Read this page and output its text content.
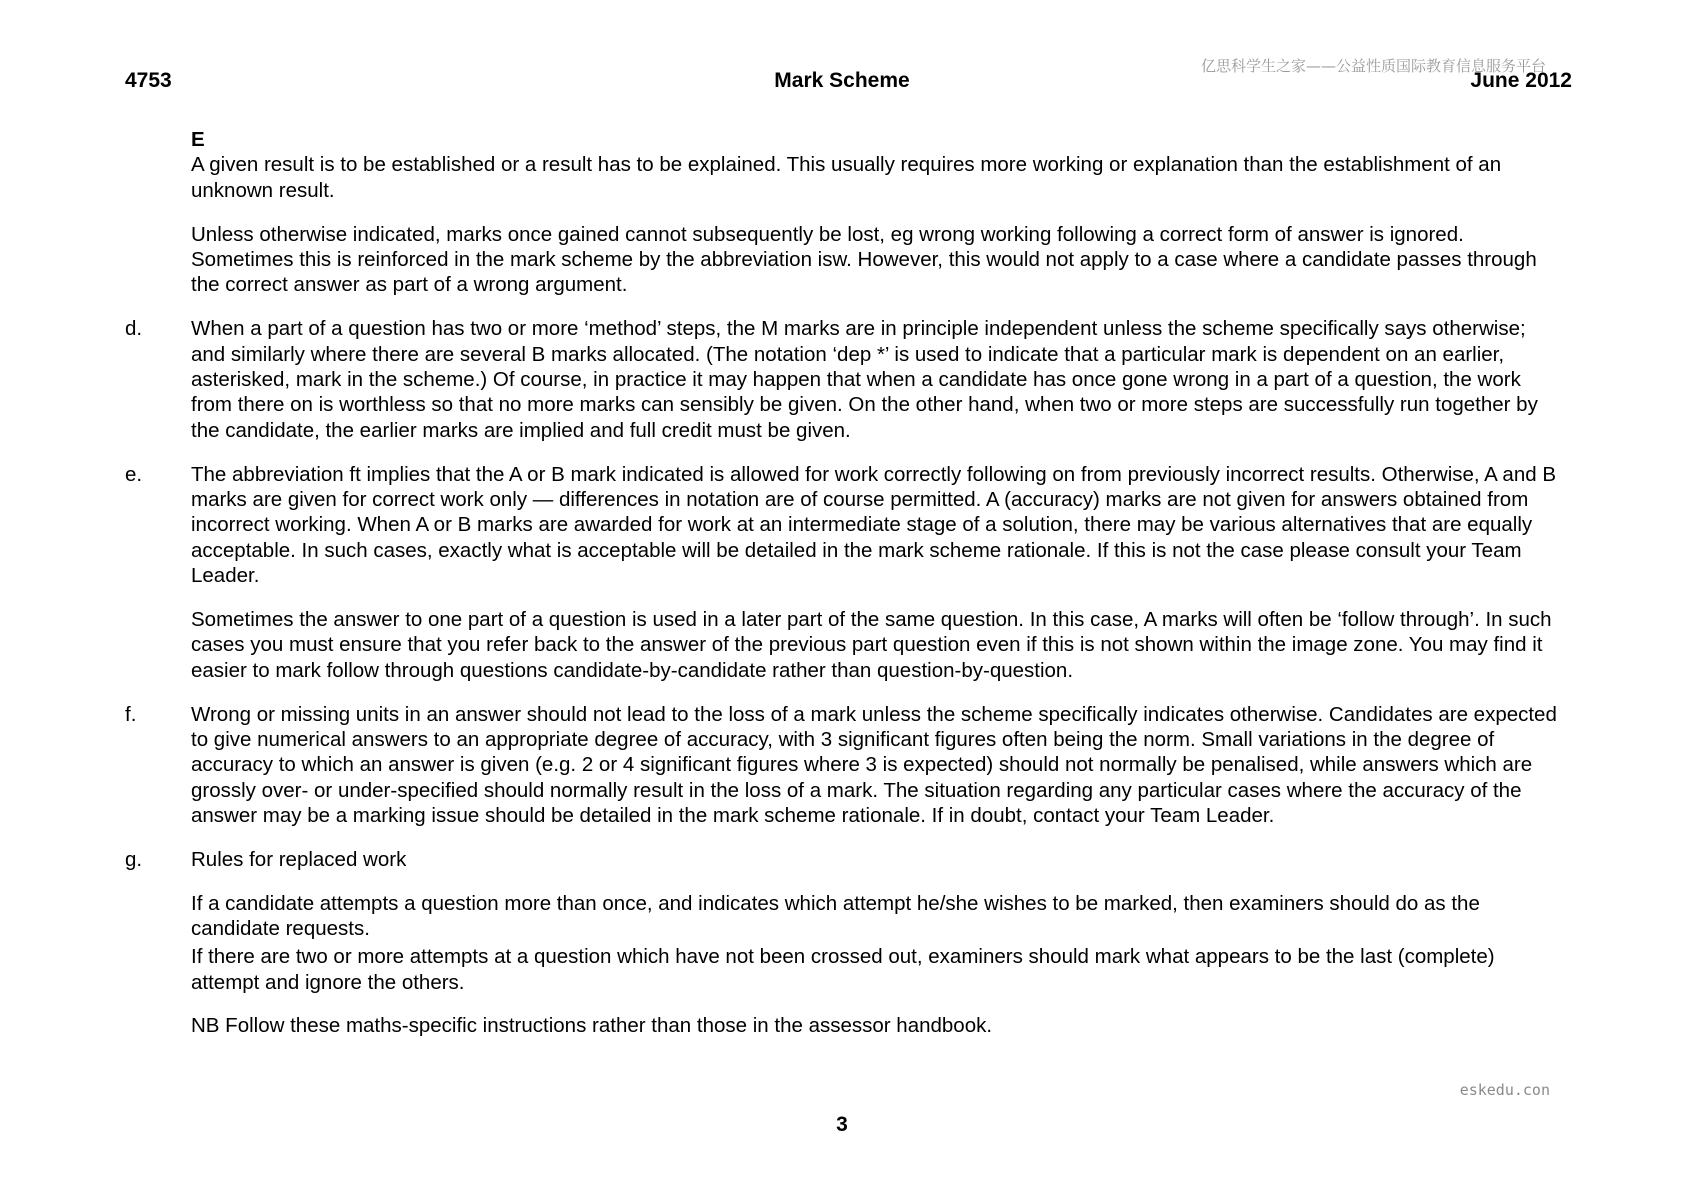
亿思科学生之家——公益性质国际教育信息服务平台
4753	Mark Scheme	June 2012
E
A given result is to be established or a result has to be explained. This usually requires more working or explanation than the establishment of an unknown result.
Unless otherwise indicated, marks once gained cannot subsequently be lost, eg wrong working following a correct form of answer is ignored. Sometimes this is reinforced in the mark scheme by the abbreviation isw. However, this would not apply to a case where a candidate passes through the correct answer as part of a wrong argument.
d.	When a part of a question has two or more ‘method’ steps, the M marks are in principle independent unless the scheme specifically says otherwise; and similarly where there are several B marks allocated. (The notation ‘dep *’ is used to indicate that a particular mark is dependent on an earlier, asterisked, mark in the scheme.) Of course, in practice it may happen that when a candidate has once gone wrong in a part of a question, the work from there on is worthless so that no more marks can sensibly be given. On the other hand, when two or more steps are successfully run together by the candidate, the earlier marks are implied and full credit must be given.
e.	The abbreviation ft implies that the A or B mark indicated is allowed for work correctly following on from previously incorrect results. Otherwise, A and B marks are given for correct work only — differences in notation are of course permitted. A (accuracy) marks are not given for answers obtained from incorrect working. When A or B marks are awarded for work at an intermediate stage of a solution, there may be various alternatives that are equally acceptable. In such cases, exactly what is acceptable will be detailed in the mark scheme rationale. If this is not the case please consult your Team Leader.
Sometimes the answer to one part of a question is used in a later part of the same question. In this case, A marks will often be ‘follow through’. In such cases you must ensure that you refer back to the answer of the previous part question even if this is not shown within the image zone. You may find it easier to mark follow through questions candidate-by-candidate rather than question-by-question.
f.	Wrong or missing units in an answer should not lead to the loss of a mark unless the scheme specifically indicates otherwise. Candidates are expected to give numerical answers to an appropriate degree of accuracy, with 3 significant figures often being the norm. Small variations in the degree of accuracy to which an answer is given (e.g. 2 or 4 significant figures where 3 is expected) should not normally be penalised, while answers which are grossly over- or under-specified should normally result in the loss of a mark. The situation regarding any particular cases where the accuracy of the answer may be a marking issue should be detailed in the mark scheme rationale. If in doubt, contact your Team Leader.
g.	Rules for replaced work
If a candidate attempts a question more than once, and indicates which attempt he/she wishes to be marked, then examiners should do as the candidate requests.
If there are two or more attempts at a question which have not been crossed out, examiners should mark what appears to be the last (complete) attempt and ignore the others.
NB Follow these maths-specific instructions rather than those in the assessor handbook.
eskedu.con
3
